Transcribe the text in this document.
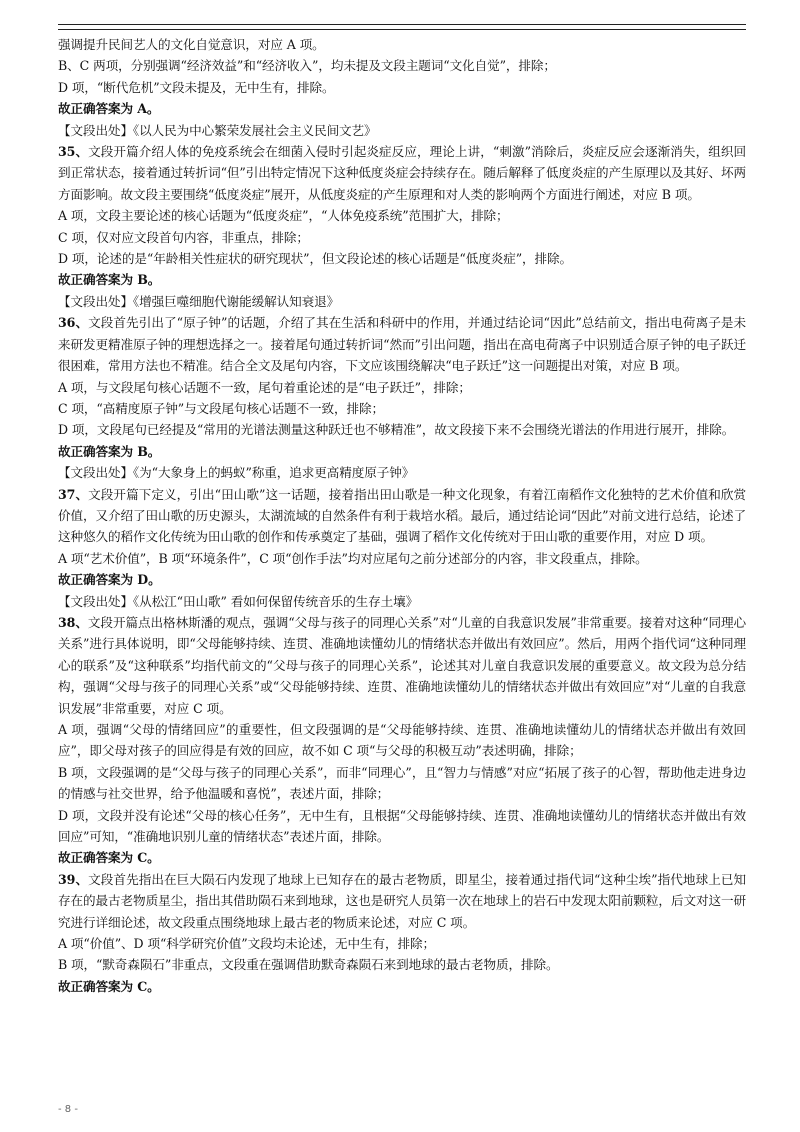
强调提升民间艺人的文化自觉意识，对应 A 项。

B、C 两项，分别强调“经济效益”和“经济收入”，均未提及文段主题词“文化自觉”，排除；

D 项，“断代危机”文段未提及，无中生有，排除。

故正确答案为 A。

【文段出处】《以人民为中心繁荣发展社会主义民间文艺》

35、文段开篇介绍人体的免疫系统会在细菌入侵时引起炎症反应，理论上讲，“刺激”消除后，炎症反应会逐渐消失，组织回到正常状态，接着通过转折词“但”引出特定情况下这种低度炎症会持续存在。随后解释了低度炎症的产生原理以及其好、坏两方面影响。故文段主要围绕“低度炎症”展开，从低度炎症的产生原理和对人类的影响两个方面进行阐述，对应 B 项。

A 项，文段主要论述的核心话题为“低度炎症”，“人体免疫系统”范围扩大，排除；

C 项，仅对应文段首句内容，非重点，排除；

D 项，论述的是“年龄相关性症状的研究现状”，但文段论述的核心话题是“低度炎症”，排除。

故正确答案为 B。

【文段出处】《增强巨噬细胞代谢能缓解认知衰退》

36、文段首先引出了“原子钟”的话题，介绍了其在生活和科研中的作用，并通过结论词“因此”总结前文，指出电荷离子是未来研发更精准原子钟的理想选择之一。接着尾句通过转折词“然而”引出问题，指出在高电荷离子中识别适合原子钟的电子跃迁很困难，常用方法也不精准。结合全文及尾句内容，下文应该围绕解决“电子跃迁”这一问题提出对策，对应 B 项。

A 项，与文段尾句核心话题不一致，尾句着重论述的是“电子跃迁”，排除；

C 项，“高精度原子钟”与文段尾句核心话题不一致，排除；

D 项，文段尾句已经提及“常用的光谱法测量这种跃迁也不够精准”，故文段接下来不会围绕光谱法的作用进行展开，排除。

故正确答案为 B。

【文段出处】《为“大象身上的蚂蚁”称重，追求更高精度原子钟》

37、文段开篇下定义，引出“田山歌”这一话题，接着指出田山歌是一种文化现象，有着江南稻作文化独特的艺术价值和欣赏价值，又介绍了田山歌的历史源头，太湖流域的自然条件有利于栽培水稻。最后，通过结论词“因此”对前文进行总结，论述了这种悠久的稻作文化传统为田山歌的创作和传承奠定了基础，强调了稻作文化传统对于田山歌的重要作用，对应 D 项。

A 项“艺术价值”，B 项“环境条件”，C 项“创作手法”均对应尾句之前分述部分的内容，非文段重点，排除。

故正确答案为 D。

【文段出处】《从松江“田山歌” 看如何保留传统音乐的生存土壤》

38、文段开篇点出格林斯潘的观点，强调“父母与孩子的同理心关系”对“儿童的自我意识发展”非常重要。接着对这种“同理心关系”进行具体说明，即“父母能够持续、连贯、准确地读懂幼儿的情绪状态并做出有效回应”。然后，用两个指代词“这种同理心的联系”及“这种联系”均指代前文的“父母与孩子的同理心关系”，论述其对儿童自我意识发展的重要意义。故文段为总分结构，强调“父母与孩子的同理心关系”或“父母能够持续、连贯、准确地读懂幼儿的情绪状态并做出有效回应”对“儿童的自我意识发展”非常重要，对应 C 项。

A 项，强调“父母的情绪回应”的重要性，但文段强调的是“父母能够持续、连贯、准确地读懂幼儿的情绪状态并做出有效回应”，即父母对孩子的回应得是有效的回应，故不如 C 项“与父母的积极互动”表述明确，排除；

B 项，文段强调的是“父母与孩子的同理心关系”，而非“同理心”，且“智力与情感”对应“拓展了孩子的心智，帮助他走进身边的情感与社交世界，给予他温暖和喜悦”，表述片面，排除；

D 项，文段并没有论述“父母的核心任务”，无中生有，且根据“父母能够持续、连贯、准确地读懂幼儿的情绪状态并做出有效回应”可知，“准确地识别儿童的情绪状态”表述片面，排除。

故正确答案为 C。

39、文段首先指出在巨大陨石内发现了地球上已知存在的最古老物质，即星尘，接着通过指代词“这种尘埃”指代地球上已知存在的最古老物质星尘，指出其借助陨石来到地球，这也是研究人员第一次在地球上的岩石中发现太阳前颗粒，后文对这一研究进行详细论述，故文段重点围绕地球上最古老的物质来论述，对应 C 项。

A 项“价值”、D 项“科学研究价值”文段均未论述，无中生有，排除；

B 项，“默奇森陨石”非重点，文段重在强调借助默奇森陨石来到地球的最古老物质，排除。

故正确答案为 C。

- 8 -
